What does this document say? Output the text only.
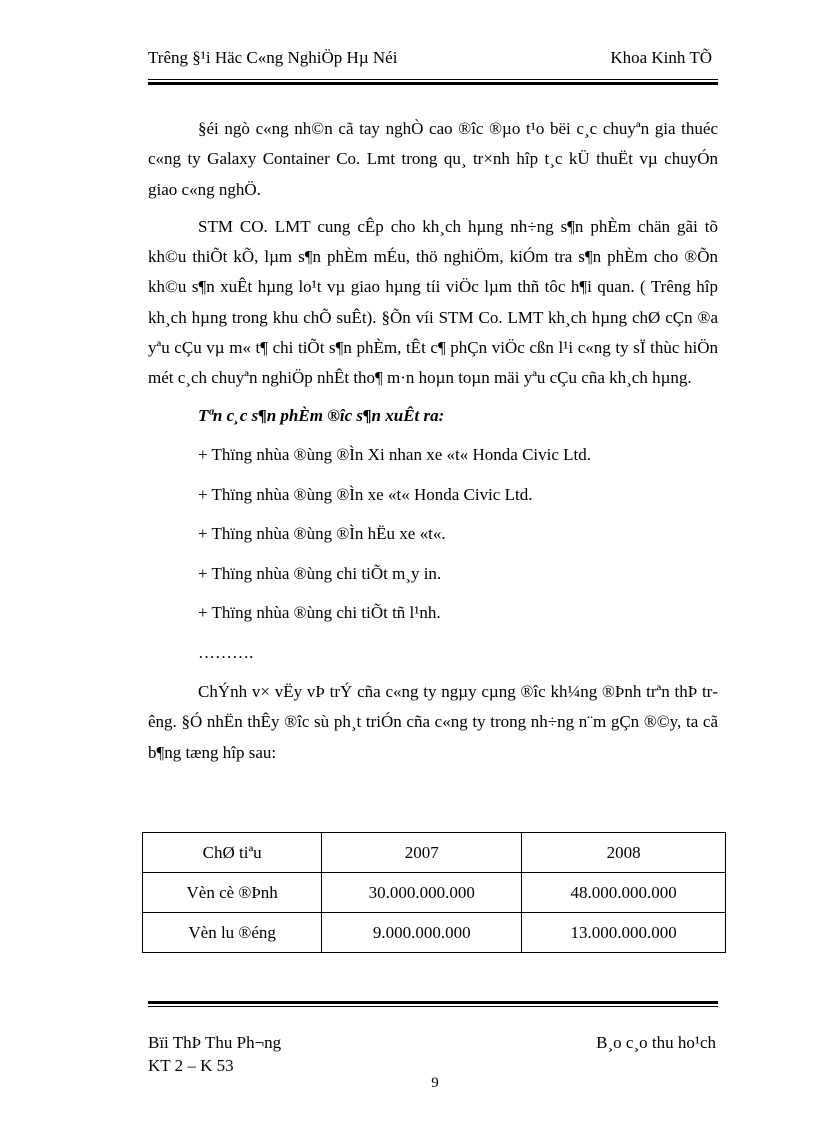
Trêng §¹i Häc C«ng NghiÖp Hµ Néi	Khoa Kinh TÕ

§éi ngò c«ng nh©n cã tay nghÒ cao ®îc ®µo t¹o bëi c¸c chuyªn gia thuéc c«ng ty Galaxy Container Co. Lmt trong qu¸ tr×nh hîp t¸c kÜ thuËt vµ chuyÓn giao c«ng nghÖ.

STM CO. LMT cung cÊp cho kh¸ch hµng nh÷ng s¶n phÈm chän gãi tõ kh©u thiÕt kÕ, lµm s¶n phÈm mÉu, thö nghiÖm, kiÓm tra s¶n phÈm cho ®Õn kh©u s¶n xuÊt hµng lo¹t vµ giao hµng tíi viÖc lµm thñ tôc h¶i quan. ( Trêng hîp kh¸ch hµng trong khu chÕ suÊt). §Õn víi STM Co. LMT kh¸ch hµng chØ cÇn ®a yªu cÇu vµ m« t¶ chi tiÕt s¶n phÈm, tÊt c¶ phÇn viÖc cßn l¹i c«ng ty sÏ thùc hiÖn mét c¸ch chuyªn nghiÖp nhÊt tho¶ m·n hoµn toµn mäi yªu cÇu cña kh¸ch hµng.

Tªn c¸c s¶n phÈm ®îc s¶n xuÊt ra:
+ Thïng nhùa ®ùng ®Ìn Xi nhan xe «t« Honda Civic Ltd.
+ Thïng nhùa ®ùng ®Ìn xe «t« Honda Civic Ltd.
+ Thïng nhùa ®ùng ®Ìn hËu xe «t«.
+ Thïng nhùa ®ùng chi tiÕt m¸y in.
+ Thïng nhùa ®ùng chi tiÕt tñ l¹nh.
……….

ChÝnh v× vËy vÞ trÝ cña c«ng ty ngµy cµng ®îc kh¼ng ®Þnh trªn thÞ trêng. §Ó nhËn thÊy ®îc sù ph¸t triÓn cña c«ng ty trong nh÷ng n¨m gÇn ®©y, ta cã b¶ng tæng hîp sau:

ChØ tiªu	2007	2008
Vèn cè ®Þnh	30.000.000.000	48.000.000.000
Vèn lu ®éng	9.000.000.000	13.000.000.000
Bïi ThÞ Thu Ph¬ng
KT 2 – K 53
B¸o c¸o thu ho¹ch
9
